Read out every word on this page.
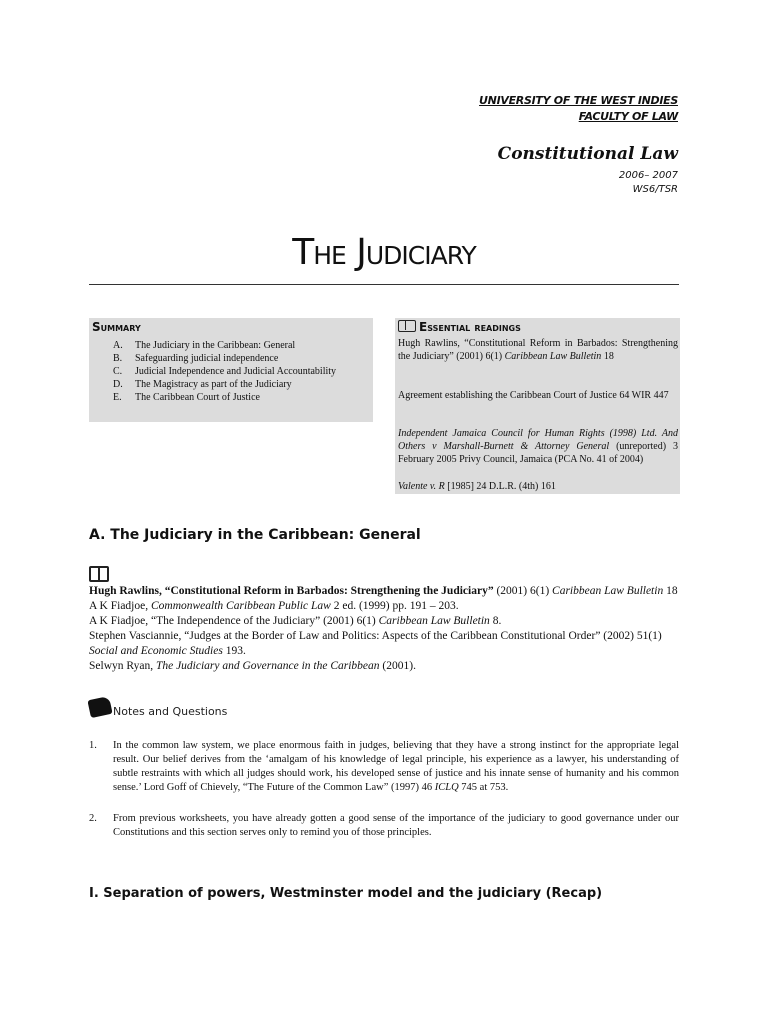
UNIVERSITY OF THE WEST INDIES
FACULTY OF LAW
Constitutional Law
2006– 2007
WS6/TSR
The Judiciary
Summary
A.	The Judiciary in the Caribbean: General
B.	Safeguarding judicial independence
C.	Judicial Independence and Judicial Accountability
D.	The Magistracy as part of the Judiciary
E.	The Caribbean Court of Justice
Essential readings
Hugh Rawlins, “Constitutional Reform in Barbados: Strengthening the Judiciary” (2001) 6(1) Caribbean Law Bulletin 18
Agreement establishing the Caribbean Court of Justice 64 WIR 447
Independent Jamaica Council for Human Rights (1998) Ltd. And Others v Marshall-Burnett & Attorney General (unreported) 3 February 2005 Privy Council, Jamaica (PCA No. 41 of 2004)
Valente v. R [1985] 24 D.L.R. (4th) 161
A. The Judiciary in the Caribbean: General
Hugh Rawlins, “Constitutional Reform in Barbados: Strengthening the Judiciary” (2001) 6(1) Caribbean Law Bulletin 18
A K Fiadjoe, Commonwealth Caribbean Public Law 2 ed. (1999) pp. 191 – 203.
A K Fiadjoe, “The Independence of the Judiciary” (2001) 6(1) Caribbean Law Bulletin 8.
Stephen Vasciannie, “Judges at the Border of Law and Politics: Aspects of the Caribbean Constitutional Order” (2002) 51(1) Social and Economic Studies 193.
Selwyn Ryan, The Judiciary and Governance in the Caribbean (2001).
Notes and Questions
1.	In the common law system, we place enormous faith in judges, believing that they have a strong instinct for the appropriate legal result. Our belief derives from the ‘amalgam of his knowledge of legal principle, his experience as a lawyer, his understanding of subtle restraints with which all judges should work, his developed sense of justice and his innate sense of humanity and his common sense.’ Lord Goff of Chievely, “The Future of the Common Law” (1997) 46 ICLQ 745 at 753.
2.	From previous worksheets, you have already gotten a good sense of the importance of the judiciary to good governance under our Constitutions and this section serves only to remind you of those principles.
I. Separation of powers, Westminster model and the judiciary (Recap)
